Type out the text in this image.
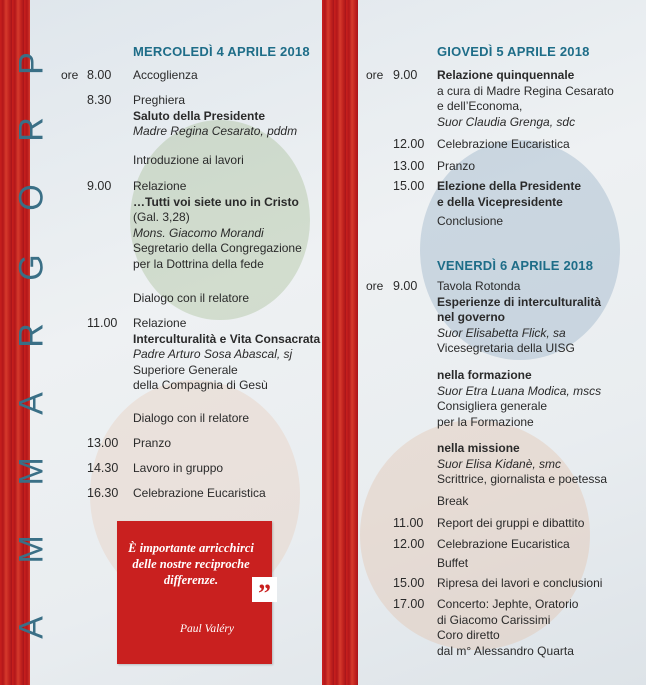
P
R
O
G
R
A
M
M
A
MERCOLEDÌ 4 APRILE 2018
ore 8.00 Accoglienza
8.30 Preghiera
Saluto della Presidente
Madre Regina Cesarato, pddm
Introduzione ai lavori
9.00 Relazione
…Tutti voi siete uno in Cristo
(Gal. 3,28)
Mons. Giacomo Morandi
Segretario della Congregazione
per la Dottrina della fede
Dialogo con il relatore
11.00 Relazione
Interculturalità e Vita Consacrata
Padre Arturo Sosa Abascal, sj
Superiore Generale
della Compagnia di Gesù
Dialogo con il relatore
13.00 Pranzo
14.30 Lavoro in gruppo
16.30 Celebrazione Eucaristica
È importante arricchirci delle nostre reciproche differenze.
Paul Valéry
”
GIOVEDÌ 5 APRILE 2018
ore 9.00 Relazione quinquennale
a cura di Madre Regina Cesarato
e dell’Economa,
Suor Claudia Grenga, sdc
12.00 Celebrazione Eucaristica
13.00 Pranzo
15.00 Elezione della Presidente
e della Vicepresidente
Conclusione
VENERDÌ 6 APRILE 2018
ore 9.00 Tavola Rotonda
Esperienze di interculturalità
nel governo
Suor Elisabetta Flick, sa
Vicesegretaria della UISG
nella formazione
Suor Etra Luana Modica, mscs
Consigliera generale
per la Formazione
nella missione
Suor Elisa Kidanè, smc
Scrittrice, giornalista e poetessa
Break
11.00 Report dei gruppi e dibattito
12.00 Celebrazione Eucaristica
Buffet
15.00 Ripresa dei lavori e conclusioni
17.00 Concerto: Jephte, Oratorio
di Giacomo Carissimi
Coro diretto
dal m° Alessandro Quarta
